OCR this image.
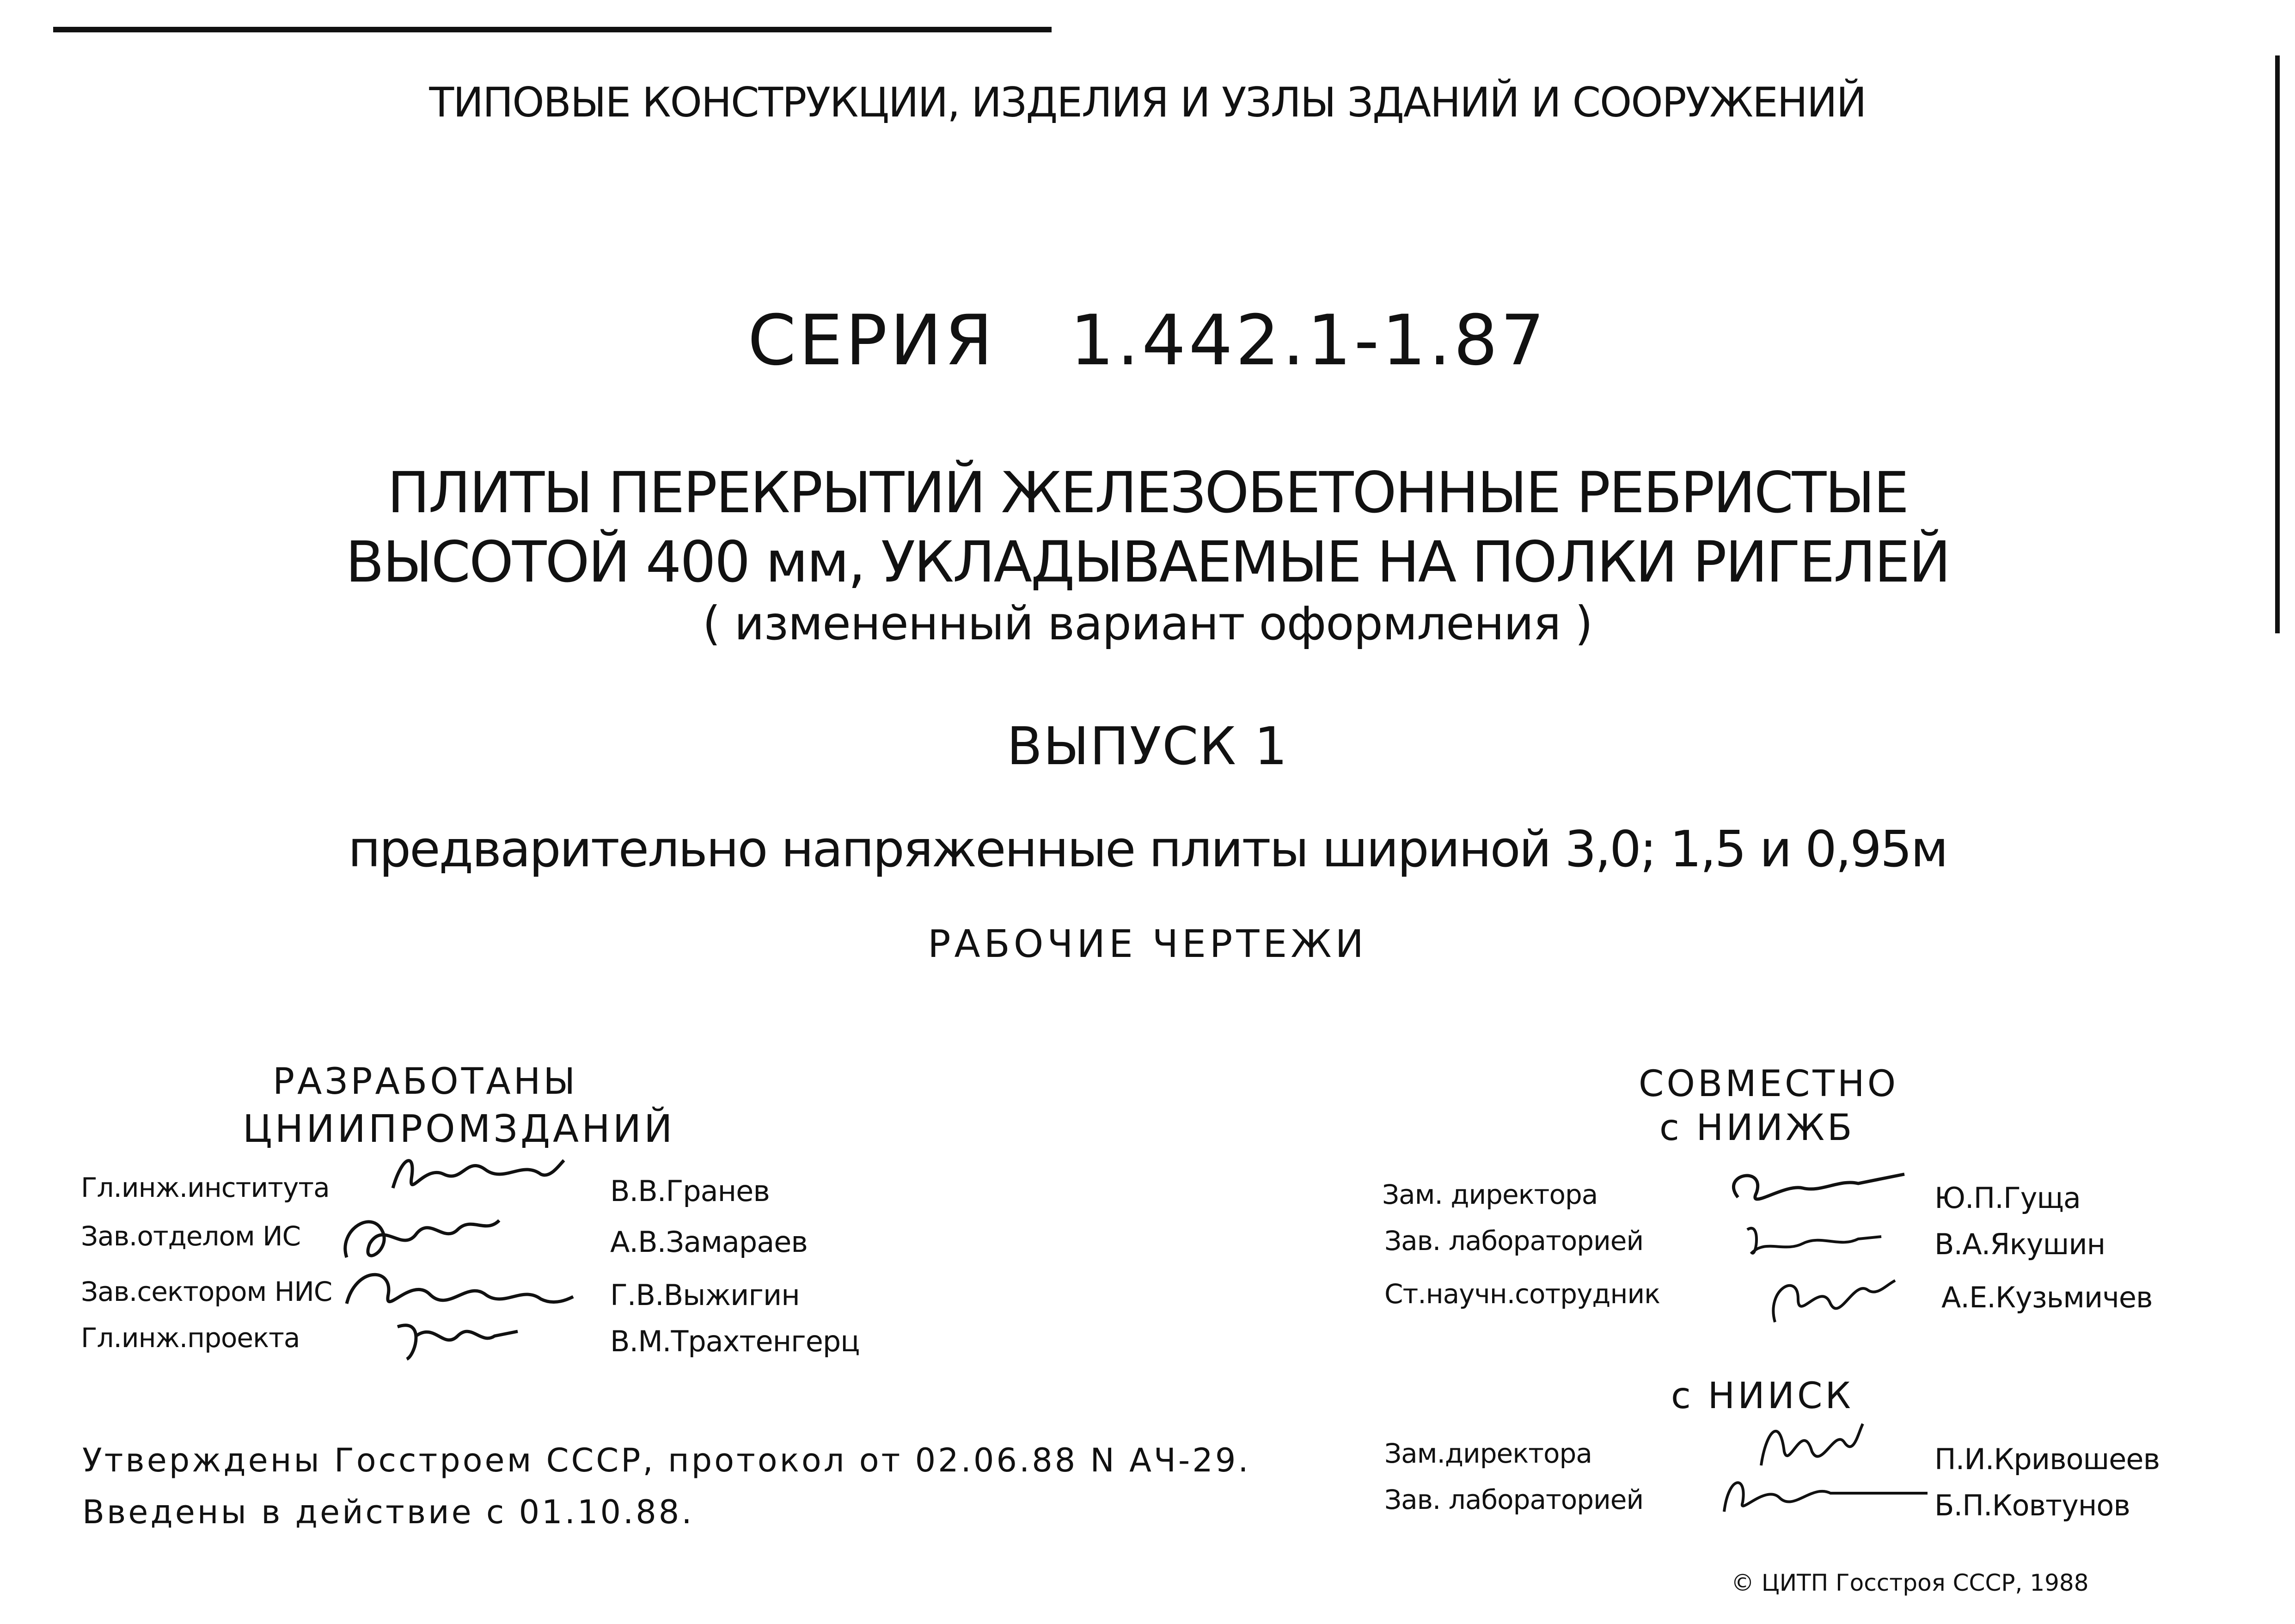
ТИПОВЫЕ КОНСТРУКЦИИ, ИЗДЕЛИЯ И УЗЛЫ ЗДАНИЙ И СООРУЖЕНИЙ
СЕРИЯ   1.442.1-1.87
ПЛИТЫ ПЕРЕКРЫТИЙ ЖЕЛЕЗОБЕТОННЫЕ РЕБРИСТЫЕ
ВЫСОТОЙ 400 мм, УКЛАДЫВАЕМЫЕ НА ПОЛКИ РИГЕЛЕЙ
( измененный вариант оформления )
ВЫПУСК 1
предварительно напряженные плиты шириной 3,0; 1,5 и 0,95м
РАБОЧИЕ ЧЕРТЕЖИ
РАЗРАБОТАНЫ
ЦНИИПРОМЗДАНИЙ
Гл.инж.института
Зав.отделом ИС
Зав.сектором НИС
Гл.инж.проекта
В.В.Гранев
А.В.Замараев
Г.В.Выжигин
В.М.Трахтенгерц
СОВМЕСТНО
с НИИЖБ
Зам. директора
Зав. лабораторией
Ст.научн.сотрудник
Ю.П.Гуща
В.А.Якушин
А.Е.Кузьмичев
с НИИСК
Зам.директора
Зав. лабораторией
П.И.Кривошеев
Б.П.Ковтунов
Утверждены Госстроем СССР, протокол от 02.06.88 N АЧ-29.
Введены в действие с 01.10.88.
© ЦИТП Госстроя СССР, 1988
